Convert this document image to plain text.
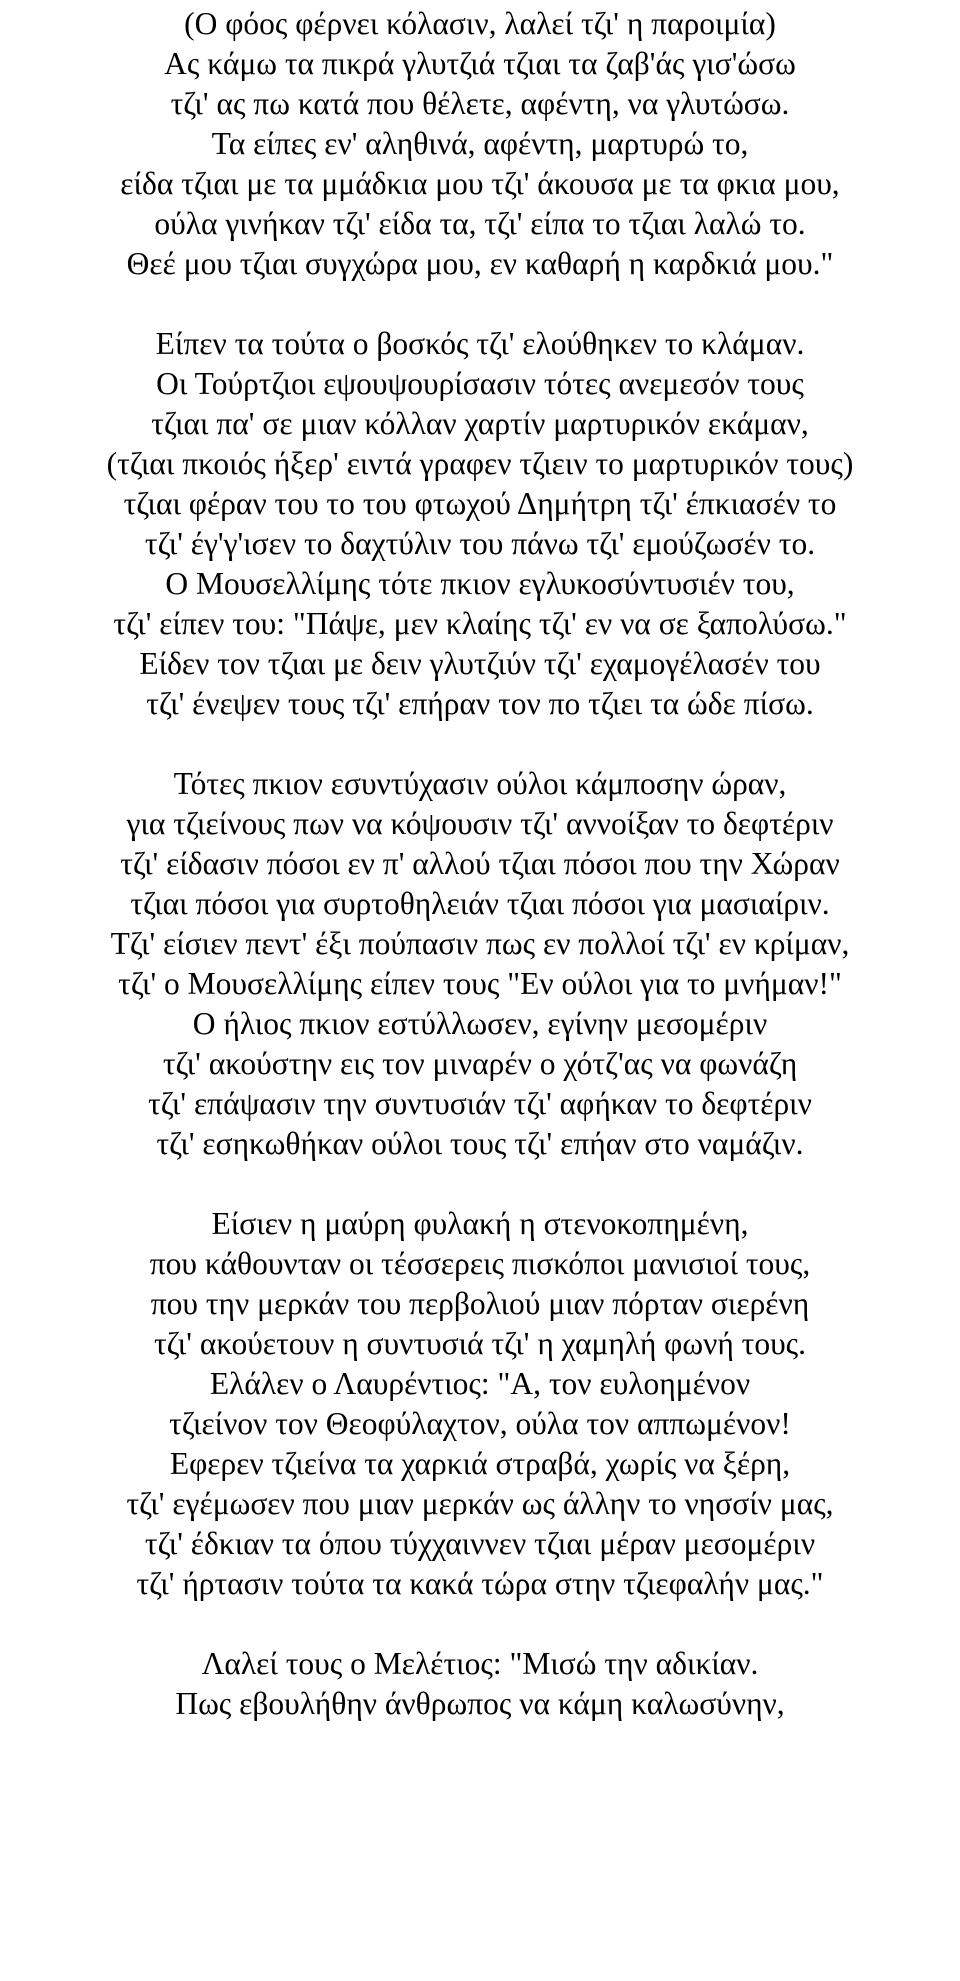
(Ο φόος φέρνει κόλασιν, λαλεί τζι' η παροιμία)
Ας κάμω τα πικρά γλυτζιά τζιαι τα ζαβ'άς γισ'ώσω
τζι' ας πω κατά που θέλετε, αφέντη, να γλυτώσω.
Τα είπες εν' αληθινά, αφέντη, μαρτυρώ το,
είδα τζιαι με τα μμάδκια μου τζι' άκουσα με τα φκια μου,
ούλα γινήκαν τζι' είδα τα, τζι' είπα το τζιαι λαλώ το.
Θεέ μου τζιαι συγχώρα μου, εν καθαρή η καρδκιά μου."
Είπεν τα τούτα ο βοσκός τζι' ελούθηκεν το κλάμαν.
Οι Τούρτζιοι εψουψουρίσασιν τότες ανεμεσόν τους
τζιαι πα' σε μιαν κόλλαν χαρτίν μαρτυρικόν εκάμαν,
(τζιαι πκοιός ήξερ' ειντά γραφεν τζιειν το μαρτυρικόν τους)
τζιαι φέραν του το του φτωχού Δημήτρη τζι' έπκιασέν το
τζι' έγ'γ'ισεν το δαχτύλιν του πάνω τζι' εμούζωσέν το.
Ο Μουσελλίμης τότε πκιον εγλυκοσύντυσιέν του,
τζι' είπεν του: "Πάψε, μεν κλαίης τζι' εν να σε ξαπολύσω."
Είδεν τον τζιαι με δειν γλυτζιύν τζι' εχαμογέλασέν του
τζι' ένεψεν τους τζι' επήραν τον πο τζιει τα ώδε πίσω.
Τότες πκιον εσυντύχασιν ούλοι κάμποσην ώραν,
για τζιείνους πων να κόψουσιν τζι' αννοίξαν το δεφτέριν
τζι' είδασιν πόσοι εν π' αλλού τζιαι πόσοι που την Χώραν
τζιαι πόσοι για συρτοθηλειάν τζιαι πόσοι για μασιαίριν.
Τζι' είσιεν πεντ' έξι πούπασιν πως εν πολλοί τζι' εν κρίμαν,
τζι' ο Μουσελλίμης είπεν τους "Εν ούλοι για το μνήμαν!"
Ο ήλιος πκιον εστύλλωσεν, εγίνην μεσομέριν
τζι' ακούστην εις τον μιναρέν ο χότζ'ας να φωνάζη
τζι' επάψασιν την συντυσιάν τζι' αφήκαν το δεφτέριν
τζι' εσηκωθήκαν ούλοι τους τζι' επήαν στο ναμάζιν.
Είσιεν η μαύρη φυλακή η στενοκοπημένη,
που κάθουνταν οι τέσσερεις πισκόποι μανισιοί τους,
που την μερκάν του περβολιού μιαν πόρταν σιερένη
τζι' ακούετουν η συντυσιά τζι' η χαμηλή φωνή τους.
Ελάλεν ο Λαυρέντιος: "Α, τον ευλοημένον
τζιείνον τον Θεοφύλαχτον, ούλα τον αππωμένον!
Εφερεν τζιείνα τα χαρκιά στραβά, χωρίς να ξέρη,
τζι' εγέμωσεν που μιαν μερκάν ως άλλην το νησσίν μας,
τζι' έδκιαν τα όπου τύχχαιννεν τζιαι μέραν μεσομέριν
τζι' ήρτασιν τούτα τα κακά τώρα στην τζιεφαλήν μας."
Λαλεί τους ο Μελέτιος: "Μισώ την αδικίαν.
Πως εβουλήθην άνθρωπος να κάμη καλωσύνην,
